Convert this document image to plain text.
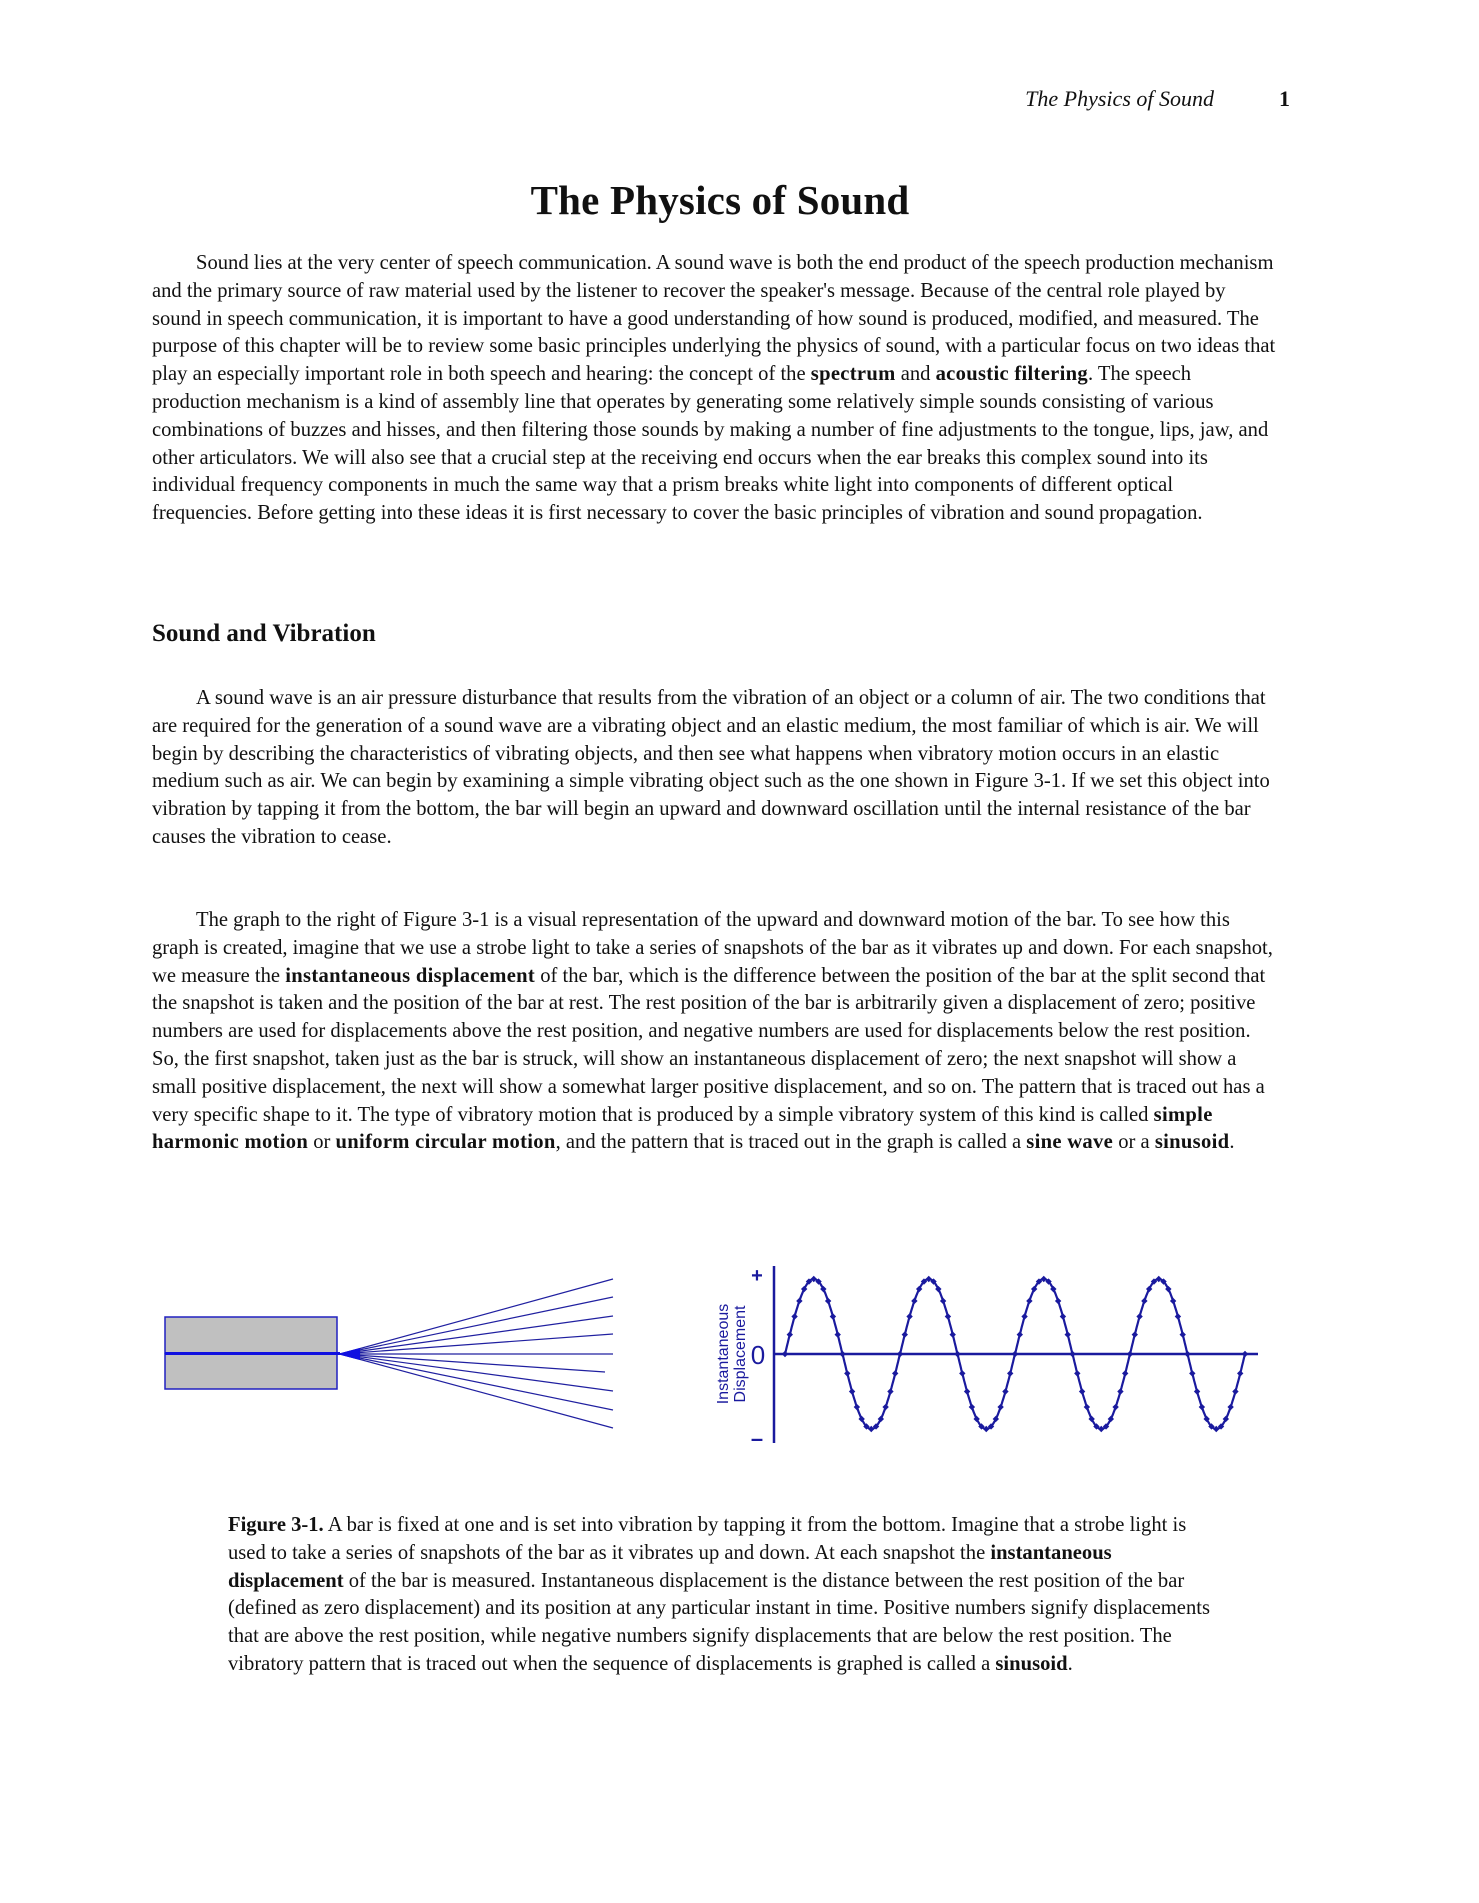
The Physics of Sound	1
The Physics of Sound

Sound lies at the very center of speech communication. A sound wave is both the end product of the speech production mechanism and the primary source of raw material used by the listener to recover the speaker's message. Because of the central role played by sound in speech communication, it is important to have a good understanding of how sound is produced, modified, and measured. The purpose of this chapter will be to review some basic principles underlying the physics of sound, with a particular focus on two ideas that play an especially important role in both speech and hearing: the concept of the spectrum and acoustic filtering. The speech production mechanism is a kind of assembly line that operates by generating some relatively simple sounds consisting of various combinations of buzzes and hisses, and then filtering those sounds by making a number of fine adjustments to the tongue, lips, jaw, and other articulators. We will also see that a crucial step at the receiving end occurs when the ear breaks this complex sound into its individual frequency components in much the same way that a prism breaks white light into components of different optical frequencies. Before getting into these ideas it is first necessary to cover the basic principles of vibration and sound propagation.

Sound and Vibration

A sound wave is an air pressure disturbance that results from the vibration of an object or a column of air. The two conditions that are required for the generation of a sound wave are a vibrating object and an elastic medium, the most familiar of which is air. We will begin by describing the characteristics of vibrating objects, and then see what happens when vibratory motion occurs in an elastic medium such as air. We can begin by examining a simple vibrating object such as the one shown in Figure 3-1. If we set this object into vibration by tapping it from the bottom, the bar will begin an upward and downward oscillation until the internal resistance of the bar causes the vibration to cease.

The graph to the right of Figure 3-1 is a visual representation of the upward and downward motion of the bar. To see how this graph is created, imagine that we use a strobe light to take a series of snapshots of the bar as it vibrates up and down. For each snapshot, we measure the instantaneous displacement of the bar, which is the difference between the position of the bar at the split second that the snapshot is taken and the position of the bar at rest. The rest position of the bar is arbitrarily given a displacement of zero; positive numbers are used for displacements above the rest position, and negative numbers are used for displacements below the rest position. So, the first snapshot, taken just as the bar is struck, will show an instantaneous displacement of zero; the next snapshot will show a small positive displacement, the next will show a somewhat larger positive displacement, and so on. The pattern that is traced out has a very specific shape to it. The type of vibratory motion that is produced by a simple vibratory system of this kind is called simple harmonic motion or uniform circular motion, and the pattern that is traced out in the graph is called a sine wave or a sinusoid.

+
0
–
Instantaneous Displacement

Figure 3-1. A bar is fixed at one and is set into vibration by tapping it from the bottom. Imagine that a strobe light is used to take a series of snapshots of the bar as it vibrates up and down. At each snapshot the instantaneous displacement of the bar is measured. Instantaneous displacement is the distance between the rest position of the bar (defined as zero displacement) and its position at any particular instant in time. Positive numbers signify displacements that are above the rest position, while negative numbers signify displacements that are below the rest position. The vibratory pattern that is traced out when the sequence of displacements is graphed is called a sinusoid.
